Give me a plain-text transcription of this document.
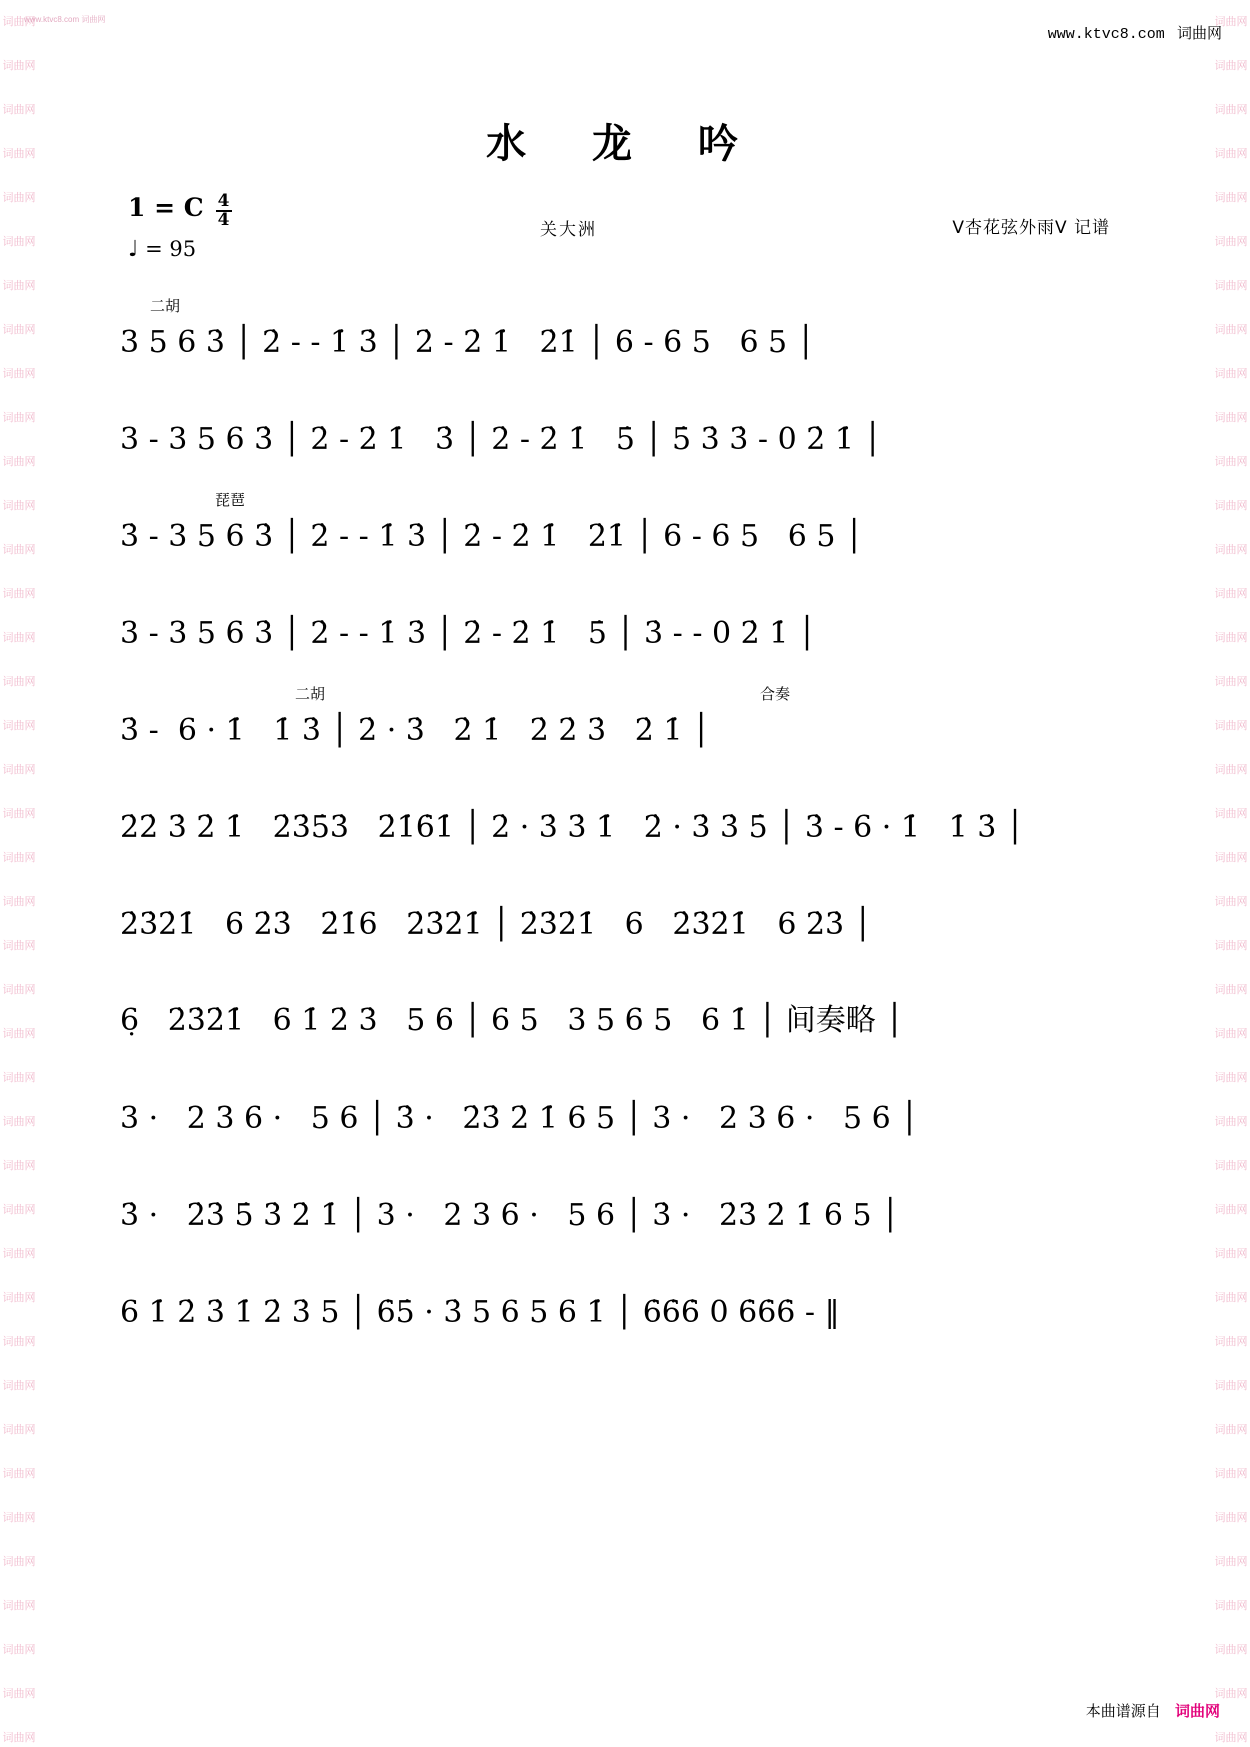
词曲网
词曲网
词曲网
词曲网
词曲网
词曲网
词曲网
词曲网
词曲网
词曲网
词曲网
词曲网
词曲网
词曲网
词曲网
词曲网
词曲网
词曲网
词曲网
词曲网
词曲网
词曲网
词曲网
词曲网
词曲网
词曲网
词曲网
词曲网
词曲网
词曲网
词曲网
词曲网
词曲网
词曲网
词曲网
词曲网
词曲网
词曲网
词曲网
词曲网
词曲网
词曲网
词曲网
词曲网
词曲网
词曲网
词曲网
词曲网
词曲网
词曲网
词曲网
词曲网
词曲网
词曲网
词曲网
词曲网
词曲网
词曲网
词曲网
词曲网
词曲网
词曲网
词曲网
词曲网
词曲网
词曲网
词曲网
词曲网
词曲网
词曲网
词曲网
词曲网
词曲网
词曲网
词曲网
词曲网
词曲网
词曲网
词曲网
词曲网
www.ktvc8.com 词曲网
www.ktvc8.com 词曲网
水 龙 吟
1 = C $\frac{4}{4}$
♩ = 95
关大洲	V杏花弦外雨V 记谱
二胡
3 5 6 3̇ │ 2̇ - - 1̇ 3̇ │ 2̇ - 2̇ 1̇   2̇1̇ │ 6 - 6 5   6 5 │
3 - 3 5 6 3̇ │ 2̇ - 2̇ 1̇   3̇ │ 2̇ - 2̇ 1̇   5̇ │ 5̇ 3̇ 3̇ - 0 2̇ 1̇ │
琵琶
3̇ - 3 5 6 3̇ │ 2̇ - - 1̇ 3̇ │ 2̇ - 2̇ 1̇   2̇1̇ │ 6 - 6 5   6 5 │
3 - 3 5 6 3̇ │ 2̇ - - 1̇ 3̇ │ 2̇ - 2̇ 1̇   5̇ │ 3̇ - - 0 2̇ 1̇ │
二胡	合奏
3̇ -  6 · 1̇   1̇ 3̇ │ 2̇ · 3̇   2̇ 1̇   2̇ 2̇ 3̇   2̇ 1̇ │
2̇2̇ 3̇ 2̇ 1̇   2̇3̇5̇3̇   2̇1̇6̇1̇ │ 2̇ · 3̇ 3̇ 1̇   2̇ · 3̇ 3̇ 5̇ │ 3̇ - 6 · 1̇   1̇ 3̇ │
2̇3̇2̇1̇   6 2̇3̇   2̇1̇6   2̇3̇2̇1̇ │ 2̇3̇2̇1̇   6   2̇3̇2̇1̇   6 2̇3̇ │
6̣   2̇3̇2̇1̇   6 1̇ 2̇ 3̇   5 6 │ 6 5   3 5 6 5   6 1̇ │ 间奏略 │
3 ·   2 3 6 ·   5 6 │ 3̇ ·   2̇3̇ 2̇ 1̇ 6 5 │ 3 ·   2 3 6 ·   5 6 │
3̇ ·   2̇3̇ 5̇ 3̇ 2̇ 1̇ │ 3 ·   2 3 6 ·   5 6 │ 3̇ ·   2̇3̇ 2̇ 1̇ 6 5 │
6 1̇ 2̇ 3̇ 1̇ 2̇ 3̇ 5 │ 6̇5̇ · 3̇ 5 6 5 6 1̇ │ 6̇6̇6̇ 0 6̇6̇6̇ - ‖
本曲谱源自 词曲网
